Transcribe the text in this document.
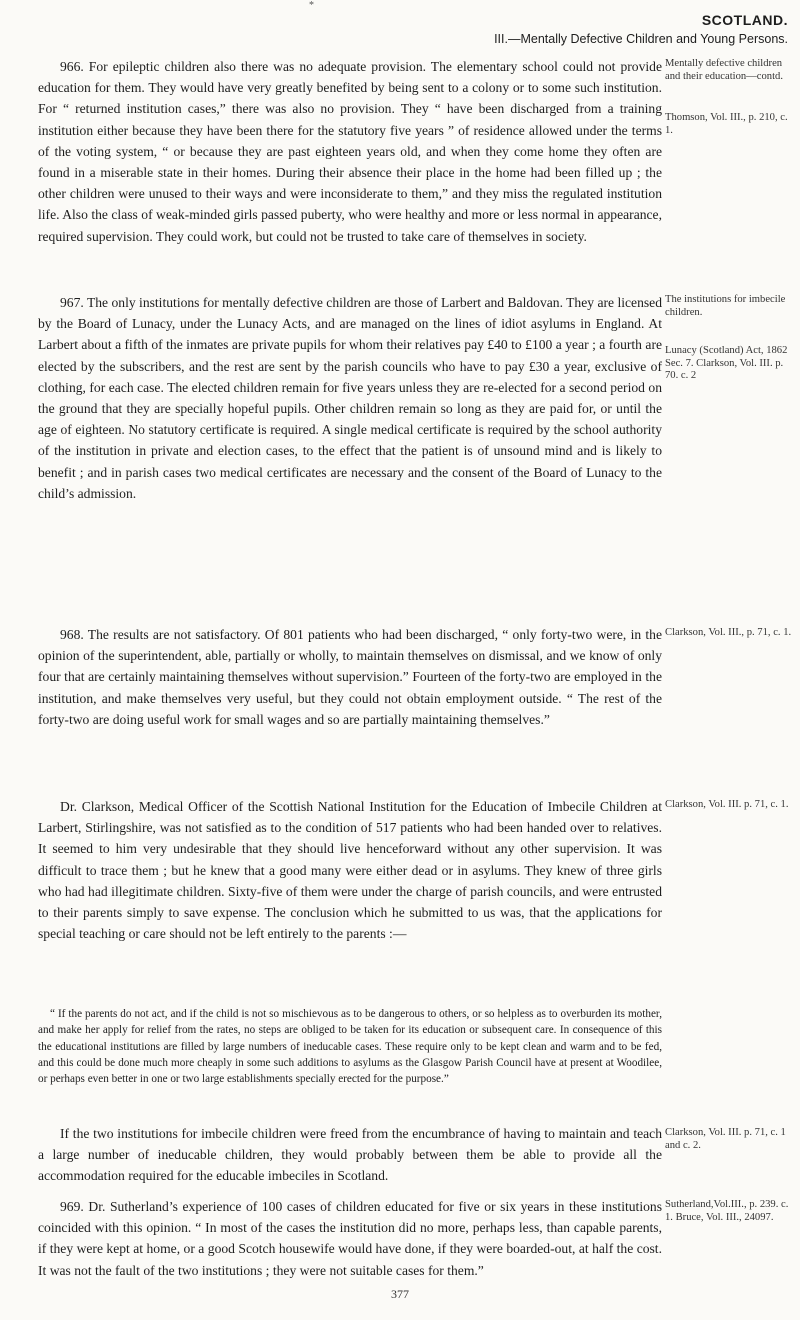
*
SCOTLAND.
III.—Mentally Defective Children and Young Persons.

966. For epileptic children also there was no adequate provision. The elementary school could not provide education for them. They would have very greatly benefited by being sent to a colony or to some such institution. For “ returned institution cases,” there was also no provision. They “ have been discharged from a training institution either because they have been there for the statutory five years ” of residence allowed under the terms of the voting system, “ or because they are past eighteen years old, and when they come home they often are found in a miserable state in their homes. During their absence their place in the home had been filled up ; the other children were unused to their ways and were inconsiderate to them,” and they miss the regulated institution life. Also the class of weak-minded girls passed puberty, who were healthy and more or less normal in appearance, required supervision. They could work, but could not be trusted to take care of themselves in society.

Mentally defective children and their education—contd.
Thomson, Vol. III., p. 210, c. 1.

967. The only institutions for mentally defective children are those of Larbert and Baldovan. They are licensed by the Board of Lunacy, under the Lunacy Acts, and are managed on the lines of idiot asylums in England. At Larbert about a fifth of the inmates are private pupils for whom their relatives pay £40 to £100 a year ; a fourth are elected by the subscribers, and the rest are sent by the parish councils who have to pay £30 a year, exclusive of clothing, for each case. The elected children remain for five years unless they are re-elected for a second period on the ground that they are specially hopeful pupils. Other children remain so long as they are paid for, or until the age of eighteen. No statutory certificate is required. A single medical certificate is required by the school authority of the institution in private and election cases, to the effect that the patient is of unsound mind and is likely to benefit ; and in parish cases two medical certificates are necessary and the consent of the Board of Lunacy to the child’s admission.

The institutions for imbecile children.
Lunacy (Scotland) Act, 1862 Sec. 7. Clarkson, Vol. III. p. 70. c. 2

968. The results are not satisfactory. Of 801 patients who had been discharged, “ only forty-two were, in the opinion of the superintendent, able, partially or wholly, to maintain themselves on dismissal, and we know of only four that are certainly maintaining themselves without supervision.” Fourteen of the forty-two are employed in the institution, and make themselves very useful, but they could not obtain employment outside. “ The rest of the forty-two are doing useful work for small wages and so are partially maintaining themselves.”

Clarkson, Vol. III., p. 71, c. 1.

Dr. Clarkson, Medical Officer of the Scottish National Institution for the Education of Imbecile Children at Larbert, Stirlingshire, was not satisfied as to the condition of 517 patients who had been handed over to relatives. It seemed to him very undesirable that they should live henceforward without any other supervision. It was difficult to trace them ; but he knew that a good many were either dead or in asylums. They knew of three girls who had had illegitimate children. Sixty-five of them were under the charge of parish councils, and were entrusted to their parents simply to save expense. The conclusion which he submitted to us was, that the applications for special teaching or care should not be left entirely to the parents :—

Clarkson, Vol. III. p. 71, c. 1.

“ If the parents do not act, and if the child is not so mischievous as to be dangerous to others, or so helpless as to overburden its mother, and make her apply for relief from the rates, no steps are obliged to be taken for its education or subsequent care. In consequence of this the educational institutions are filled by large numbers of ineducable cases. These require only to be kept clean and warm and to be fed, and this could be done much more cheaply in some such additions to asylums as the Glasgow Parish Council have at present at Woodilee, or perhaps even better in one or two large establishments specially erected for the purpose.”

If the two institutions for imbecile children were freed from the encumbrance of having to maintain and teach a large number of ineducable children, they would probably between them be able to provide all the accommodation required for the educable imbeciles in Scotland.

Clarkson, Vol. III. p. 71, c. 1 and c. 2.

969. Dr. Sutherland’s experience of 100 cases of children educated for five or six years in these institutions coincided with this opinion. “ In most of the cases the institution did no more, perhaps less, than capable parents, if they were kept at home, or a good Scotch housewife would have done, if they were boarded-out, at half the cost. It was not the fault of the two institutions ; they were not suitable cases for them.”

Sutherland,Vol.III., p. 239. c. 1. Bruce, Vol. III., 24097.
377
